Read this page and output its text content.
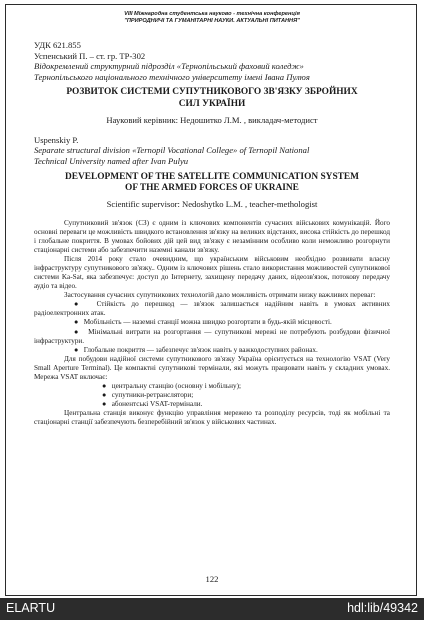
VIII Міжнародна студентська науково - технічна конференція
"ПРИРОДНИЧІ ТА ГУМАНІТАРНІ НАУКИ. АКТУАЛЬНІ ПИТАННЯ"
УДК 621.855
Успенський П. – ст. гр. ТР-302
Відокремлений структурний підрозділ «Тернопільський фаховий коледж»
Тернопільського національного технічного університету імені Івана Пулюя
РОЗВИТОК СИСТЕМИ СУПУТНИКОВОГО ЗВ'ЯЗКУ ЗБРОЙНИХ
СИЛ УКРАЇНИ
Науковий керівник: Недошитко Л.М. , викладач-методист
Uspenskiy P.
Separate structural division «Ternopil Vocational College» of Ternopil National
Technical University named after Ivan Pulyu
DEVELOPMENT OF THE SATELLITE COMMUNICATION SYSTEM
OF THE ARMED FORCES OF UKRAINE
Scientific supervisor: Nedoshytko L.M. , teacher-methologist

Супутниковий зв'язок (СЗ) є одним із ключових компонентів сучасних військових комунікацій. Його основні переваги це можливість швидкого встановлення зв'язку на великих відстанях, висока стійкість до перешкод і глобальне покриття. В умовах бойових дій цей вид зв'язку є незамінним особливо коли неможливо розгорнути стаціонарні системи або забезпечити наземні канали зв'язку.

Після 2014 року стало очевидним, що українським військовим необхідно розвивати власну інфраструктуру супутникового зв'язку.. Одним із ключових рішень стало використання можливостей супутникової системи Ka-Sat, яка забезпечує: доступ до Інтернету, захищену передачу даних, відеозв'язок, потокову передачу аудіо та відео.

Застосування сучасних супутникових технологій дало можливість отримати низку важливих переваг:

●	Стійкість до перешкод — зв'язок залишається надійним навіть в умовах активних радіоелектронних атак.

● Мобільність — наземні станції можна швидко розгортати в будь-якій місцевості.

● Мінімальні витрати на розгортання — супутникові мережі не потребують розбудови фізичної інфраструктури.

● Глобальне покриття — забезпечує зв'язок навіть у важкодоступних районах.

Для побудови надійної системи супутникового зв'язку Україна орієнтується на технологію VSAT (Very Small Aperture Terminal). Це компактні супутникові термінали, які можуть працювати навіть у складних умовах. Мережа VSAT включає:

● центральну станцію (основну і мобільну);

● супутники-ретранслятори;

● абонентські VSAT-термінали.

Центральна станція виконує функцію управління мережею та розподілу ресурсів, тоді як мобільні та стаціонарні станції забезпечують безперебійний зв'язок у військових частинах.

122
ELARTU	hdl:lib/49342
